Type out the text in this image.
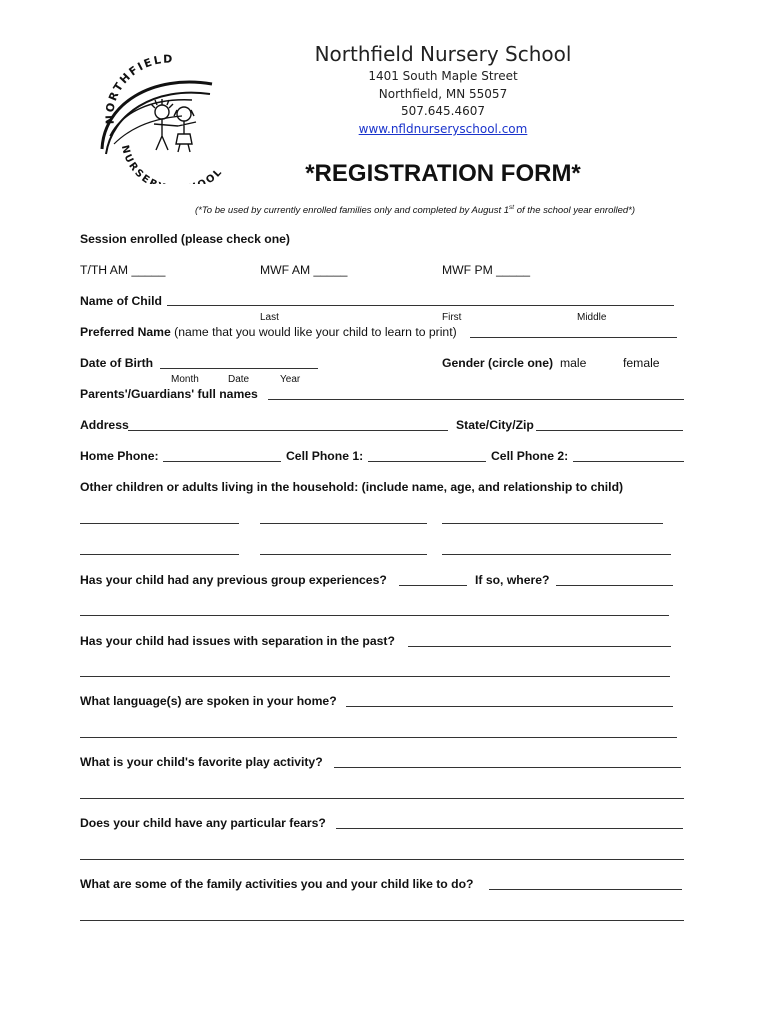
NORTHFIELD
NURSE OL
Northfield Nursery School
1401 South Maple Street
Northfield, MN 55057
507.645.4607
www.nfldnurseryschool.com
*REGISTRATION FORM*
(*To be used by currently enrolled families only and completed by August 1st of the school year enrolled*)
Session enrolled (please check one)
T/TH AM _____	MWF AM _____	MWF PM _____
Name of Child
Last	First	Middle
Preferred Name (name that you would like your child to learn to print)
Date of Birth
Month	Date	Year
Gender (circle one) male	female
Parents'/Guardians' full names
Address	State/City/Zip
Home Phone:	Cell Phone 1:	Cell Phone 2:
Other children or adults living in the household: (include name, age, and relationship to child)
Has your child had any previous group experiences?	If so, where?
Has your child had issues with separation in the past?
What language(s) are spoken in your home?
What is your child's favorite play activity?
Does your child have any particular fears?
What are some of the family activities you and your child like to do?
